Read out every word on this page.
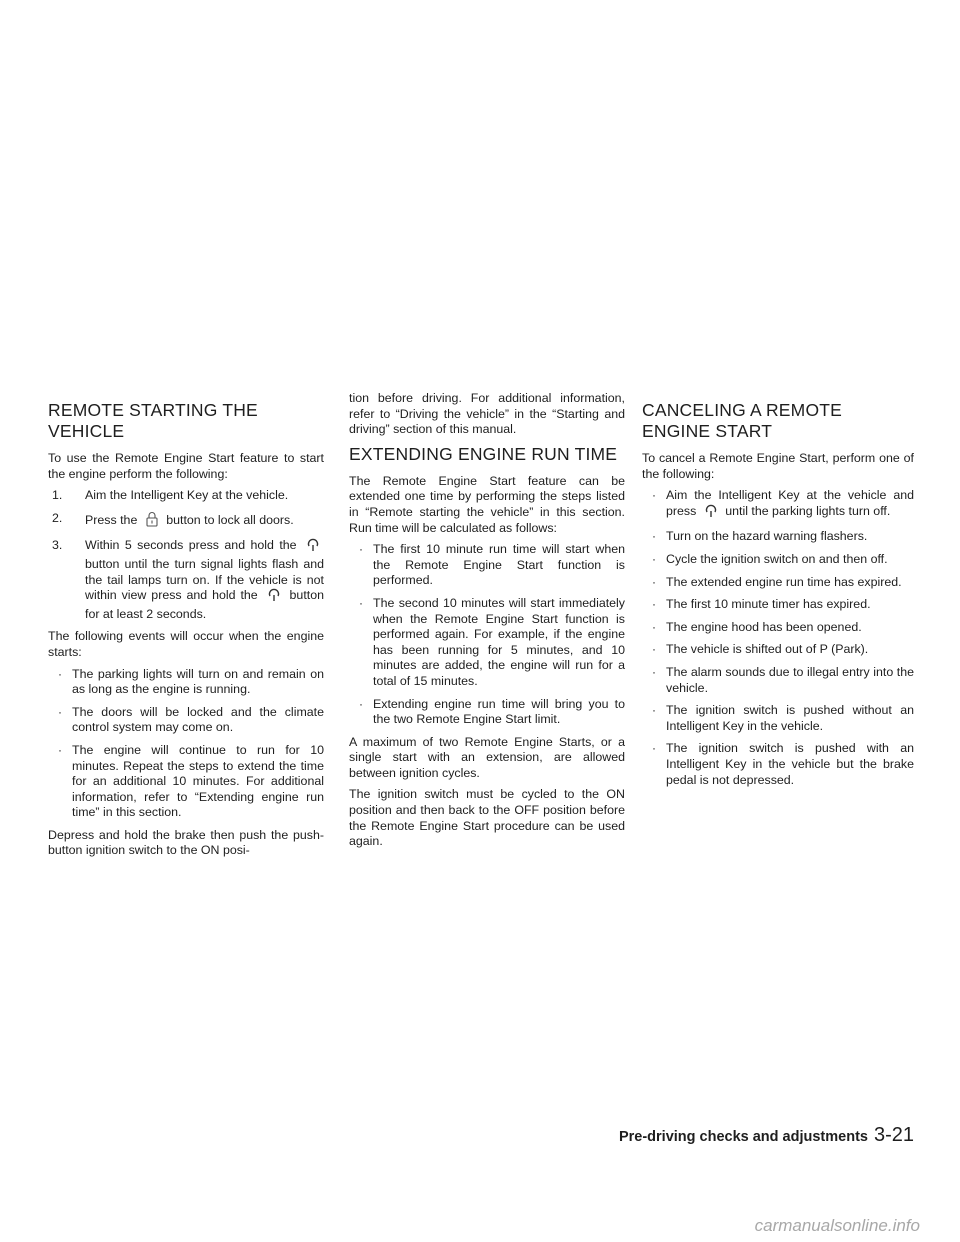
REMOTE STARTING THE VEHICLE

To use the Remote Engine Start feature to start the engine perform the following:

1. Aim the Intelligent Key at the vehicle.
2. Press the button to lock all doors.
3. Within 5 seconds press and hold the  button until the turn signal lights flash and the tail lamps turn on. If the vehicle is not within view press and hold the	button for at least 2 seconds.

The following events will occur when the engine starts:

· The parking lights will turn on and remain on as long as the engine is running.
· The doors will be locked and the climate control system may come on.
· The engine will continue to run for 10 minutes. Repeat the steps to extend the time for an additional 10 minutes. For additional information, refer to “Extending engine run time” in this section.

Depress and hold the brake then push the push-button ignition switch to the ON posi-

tion before driving. For additional information, refer to “Driving the vehicle” in the “Starting and driving” section of this manual.

EXTENDING ENGINE RUN TIME

The Remote Engine Start feature can be extended one time by performing the steps listed in “Remote starting the vehicle” in this section. Run time will be calculated as follows:

· The first 10 minute run time will start when the Remote Engine Start function is performed.
· The second 10 minutes will start immediately when the Remote Engine Start function is performed again. For example, if the engine has been running for 5 minutes, and 10 minutes are added, the engine will run for a total of 15 minutes.
· Extending engine run time will bring you to the two Remote Engine Start limit.

A maximum of two Remote Engine Starts, or a single start with an extension, are allowed between ignition cycles.

The ignition switch must be cycled to the ON position and then back to the OFF position before the Remote Engine Start procedure can be used again.

CANCELING A REMOTE ENGINE START

To cancel a Remote Engine Start, perform one of the following:

· Aim the Intelligent Key at the vehicle and press until the parking lights turn off.
· Turn on the hazard warning flashers.
· Cycle the ignition switch on and then off.
· The extended engine run time has expired.
· The first 10 minute timer has expired.
· The engine hood has been opened.
· The vehicle is shifted out of P (Park).
· The alarm sounds due to illegal entry into the vehicle.
· The ignition switch is pushed without an Intelligent Key in the vehicle.
· The ignition switch is pushed with an Intelligent Key in the vehicle but the brake pedal is not depressed.
Pre-driving checks and adjustments 3-21
carmanualsonline.info
